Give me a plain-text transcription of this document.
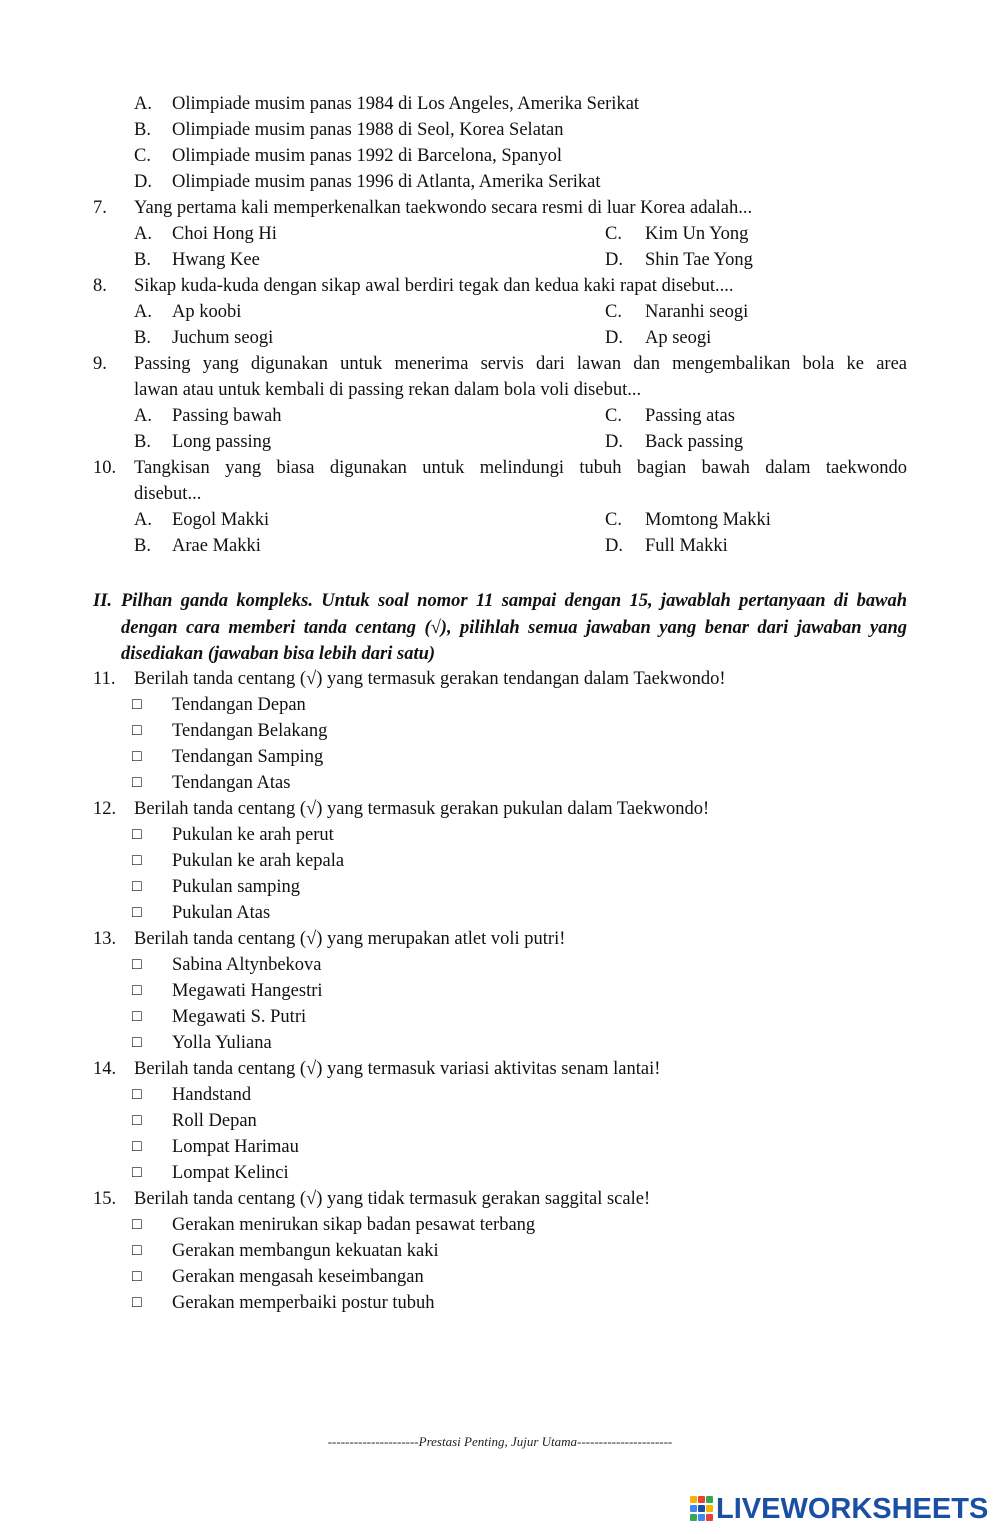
A. Olimpiade musim panas 1984 di Los Angeles, Amerika Serikat
B. Olimpiade musim panas 1988 di Seol, Korea Selatan
C. Olimpiade musim panas 1992 di Barcelona, Spanyol
D. Olimpiade musim panas 1996 di Atlanta, Amerika Serikat
7. Yang pertama kali memperkenalkan taekwondo secara resmi di luar Korea adalah...
A. Choi Hong Hi	C. Kim Un Yong
B. Hwang Kee	D. Shin Tae Yong
8. Sikap kuda-kuda dengan sikap awal berdiri tegak dan kedua kaki rapat disebut....
A. Ap koobi	C. Naranhi seogi
B. Juchum seogi	D. Ap seogi
9. Passing yang digunakan untuk menerima servis dari lawan dan mengembalikan bola ke area
lawan atau untuk kembali di passing rekan dalam bola voli disebut...
A. Passing bawah	C. Passing atas
B. Long passing	D. Back passing
10. Tangkisan yang biasa digunakan untuk melindungi tubuh bagian bawah dalam taekwondo
disebut...
A. Eogol Makki	C. Momtong Makki
B. Arae Makki	D. Full Makki
II. Pilhan ganda kompleks. Untuk soal nomor 11 sampai dengan 15, jawablah pertanyaan di bawah dengan cara memberi tanda centang (√), pilihlah semua jawaban yang benar dari jawaban yang disediakan (jawaban bisa lebih dari satu)
11. Berilah tanda centang (√) yang termasuk gerakan tendangan dalam Taekwondo!
□ Tendangan Depan
□ Tendangan Belakang
□ Tendangan Samping
□ Tendangan Atas
12. Berilah tanda centang (√) yang termasuk gerakan pukulan dalam Taekwondo!
□ Pukulan ke arah perut
□ Pukulan ke arah kepala
□ Pukulan samping
□ Pukulan Atas
13. Berilah tanda centang (√) yang merupakan atlet voli putri!
□ Sabina Altynbekova
□ Megawati Hangestri
□ Megawati S. Putri
□ Yolla Yuliana
14. Berilah tanda centang (√) yang termasuk variasi aktivitas senam lantai!
□ Handstand
□ Roll Depan
□ Lompat Harimau
□ Lompat Kelinci
15. Berilah tanda centang (√) yang tidak termasuk gerakan saggital scale!
□ Gerakan menirukan sikap badan pesawat terbang
□ Gerakan membangun kekuatan kaki
□ Gerakan mengasah keseimbangan
□ Gerakan memperbaiki postur tubuh
---------------------Prestasi Penting, Jujur Utama----------------------
LIVEWORKSHEETS
